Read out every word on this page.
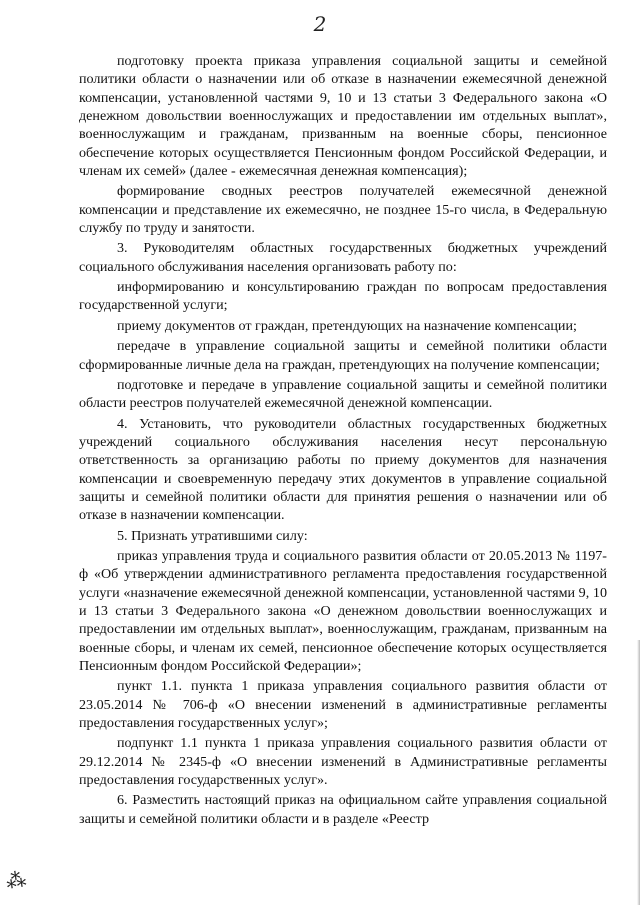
2

подготовку проекта приказа управления социальной защиты и семейной политики области о назначении или об отказе в назначении ежемесячной денежной компенсации, установленной частями 9, 10 и 13 статьи 3 Федерального закона «О денежном довольствии военнослужащих и предоставлении им отдельных выплат», военнослужащим и гражданам, призванным на военные сборы, пенсионное обеспечение которых осуществляется Пенсионным фондом Российской Федерации, и членам их семей» (далее - ежемесячная денежная компенсация);

формирование сводных реестров получателей ежемесячной денежной компенсации и представление их ежемесячно, не позднее 15-го числа, в Федеральную службу по труду и занятости.

3. Руководителям областных государственных бюджетных учреждений социального обслуживания населения организовать работу по:

информированию и консультированию граждан по вопросам предоставления государственной услуги;

приему документов от граждан, претендующих на назначение компенсации;

передаче в управление социальной защиты и семейной политики области сформированные личные дела на граждан, претендующих на получение компенсации;

подготовке и передаче в управление социальной защиты и семейной политики области реестров получателей ежемесячной денежной компенсации.

4. Установить, что руководители областных государственных бюджетных учреждений социального обслуживания населения несут персональную ответственность за организацию работы по приему документов для назначения компенсации и своевременную передачу этих документов в управление социальной защиты и семейной политики области для принятия решения о назначении или об отказе в назначении компенсации.

5. Признать утратившими силу:

приказ управления труда и социального развития области от 20.05.2013 № 1197-ф «Об утверждении административного регламента предоставления государственной услуги «назначение ежемесячной денежной компенсации, установленной частями 9, 10 и 13 статьи 3 Федерального закона «О денежном довольствии военнослужащих и предоставлении им отдельных выплат», военнослужащим, гражданам, призванным на военные сборы, и членам их семей, пенсионное обеспечение которых осуществляется Пенсионным фондом Российской Федерации»;

пункт 1.1. пункта 1 приказа управления социального развития области от 23.05.2014 № 706-ф «О внесении изменений в административные регламенты предоставления государственных услуг»;

подпункт 1.1 пункта 1 приказа управления социального развития области от 29.12.2014 № 2345-ф «О внесении изменений в Административные регламенты предоставления государственных услуг».

6. Разместить настоящий приказ на официальном сайте управления социальной защиты и семейной политики области и в разделе «Реестр

⁂
